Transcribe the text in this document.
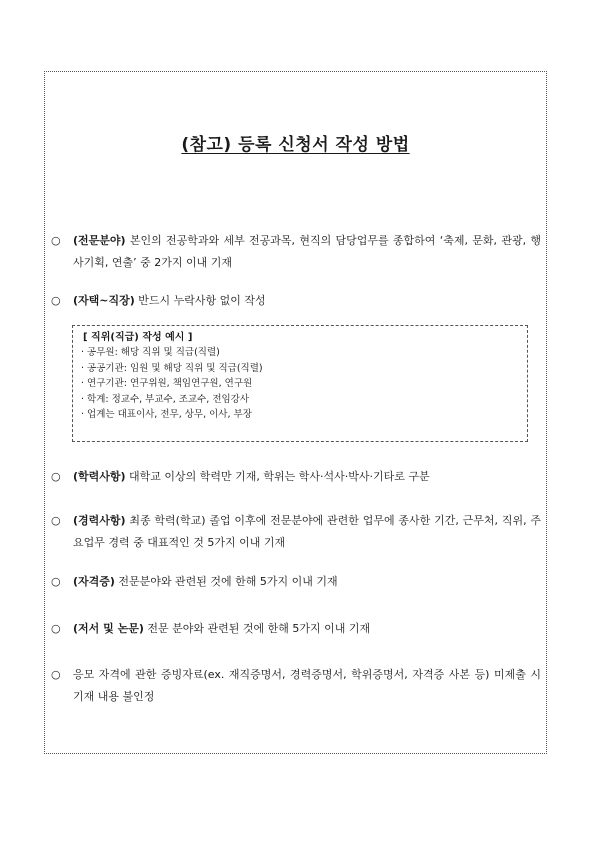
(참고) 등록 신청서 작성 방법
○	(전문분야) 본인의 전공학과와 세부 전공과목, 현직의 담당업무를 종합하여 ‘축제, 문화, 관광, 행사기획, 연출’ 중 2가지 이내 기재
○	(자택~직장) 반드시 누락사항 없이 작성
[ 직위(직급) 작성 예시 ]
· 공무원: 해당 직위 및 직급(직렬)
· 공공기관: 임원 및 해당 직위 및 직급(직렬)
· 연구기관: 연구위원, 책임연구원, 연구원
· 학계: 정교수, 부교수, 조교수, 전임강사
· 업계는 대표이사, 전무, 상무, 이사, 부장
○	(학력사항) 대학교 이상의 학력만 기재, 학위는 학사·석사·박사·기타로 구분
○	(경력사항) 최종 학력(학교) 졸업 이후에 전문분야에 관련한 업무에 종사한 기간, 근무처, 직위, 주요업무 경력 중 대표적인 것 5가지 이내 기재
○	(자격증) 전문분야와 관련된 것에 한해 5가지 이내 기재
○	(저서 및 논문) 전문 분야와 관련된 것에 한해 5가지 이내 기재
○	응모 자격에 관한 증빙자료(ex. 재직증명서, 경력증명서, 학위증명서, 자격증 사본 등) 미제출 시 기재 내용 불인정
